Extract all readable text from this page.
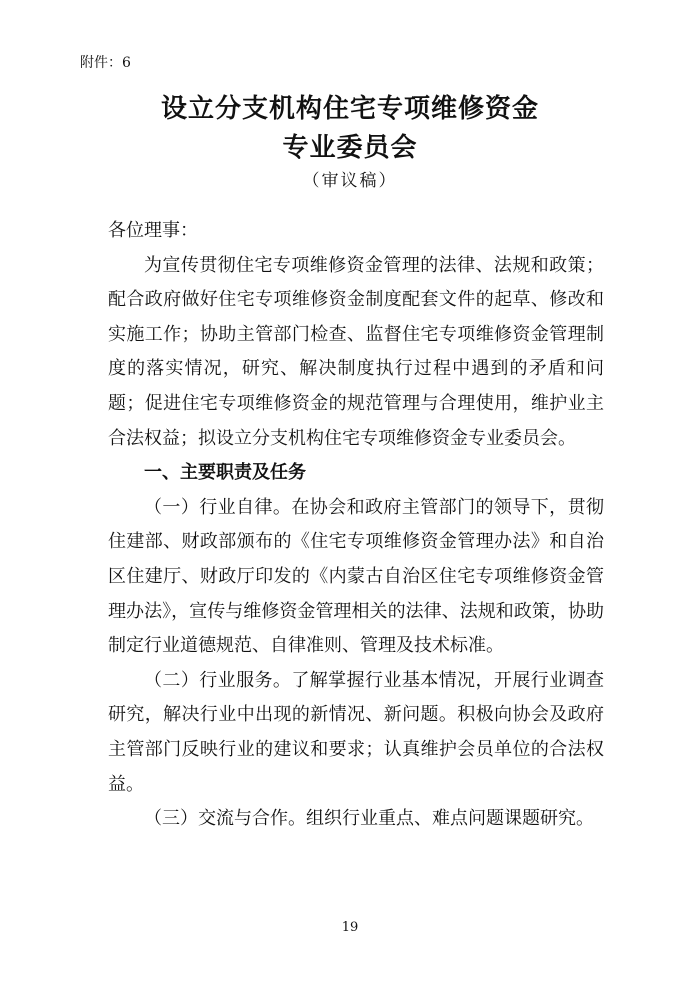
附件：6
设立分支机构住宅专项维修资金
专业委员会
（审议稿）

各位理事：

为宣传贯彻住宅专项维修资金管理的法律、法规和政策；配合政府做好住宅专项维修资金制度配套文件的起草、修改和实施工作；协助主管部门检查、监督住宅专项维修资金管理制度的落实情况，研究、解决制度执行过程中遇到的矛盾和问题；促进住宅专项维修资金的规范管理与合理使用，维护业主合法权益；拟设立分支机构住宅专项维修资金专业委员会。

一、主要职责及任务

（一）行业自律。在协会和政府主管部门的领导下，贯彻住建部、财政部颁布的《住宅专项维修资金管理办法》和自治区住建厅、财政厅印发的《内蒙古自治区住宅专项维修资金管理办法》，宣传与维修资金管理相关的法律、法规和政策，协助制定行业道德规范、自律准则、管理及技术标准。

（二）行业服务。了解掌握行业基本情况，开展行业调查研究，解决行业中出现的新情况、新问题。积极向协会及政府主管部门反映行业的建议和要求；认真维护会员单位的合法权益。

（三）交流与合作。组织行业重点、难点问题课题研究。

19
